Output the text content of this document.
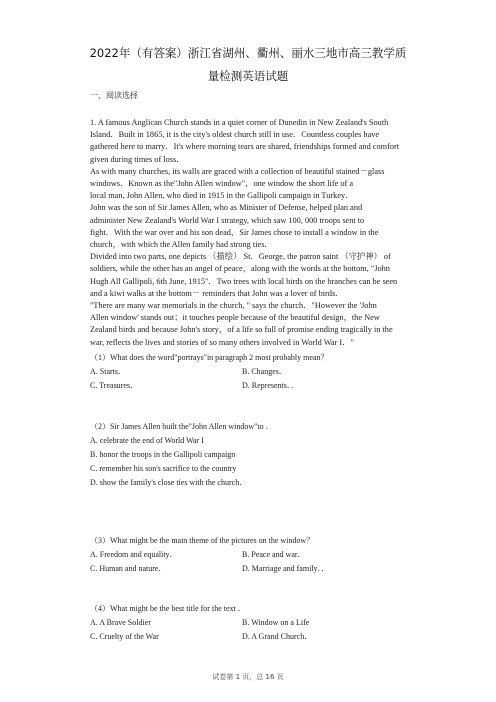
2022年（有答案）浙江省湖州、衢州、丽水三地市高三教学质
量检测英语试题
一、阅读选择

1. A famous Anglican Church stands in a quiet corner of Dunedin in New Zealand's South

Island．Built in 1865, it is the city's oldest church still in use．Countless couples have

gathered here to marry．It's where morning tears are shared, friendships formed and comfort

given during times of loss．

As with many churches, its walls are graced with a collection of beautiful stained－glass

windows．Known as the"John Allen window"，one window the short life of a

local man, John Allen, who died in 1915 in the Gallipoli campaign in Turkey．

John was the son of Sir James Allen, who as Minister of Defense, helped plan and

administer New Zealand's World War I strategy, which saw 100, 000 troops sent to

fight．With the war over and his son dead，Sir James chose to install a window in the

church，with which the Allen family had strong ties．

Divided into two parts, one depicts （描绘） St．George, the patron saint （守护神） of

soldiers, while the other has an angel of peace，along with the words at the bottom, "John

Hugh All Gallipoli, 6th June, 1915"．Two trees with local birds on the branches can be seen

and a kiwi walks at the bottom－ reminders that John was a lover of birds．

"There are many war memorials in the church, " says the church．"However the 'John

Allen window' stands out；it touches people because of the beautiful design，the New

Zealand birds and because John's story，of a life so full of promise ending tragically in the

war, reflects the lives and stories of so many others involved in World War I．"

（1）What does the word"portrays"in paragraph 2 most probably mean？
A. Starts．	B. Changes．
C. Treasures．	D. Represents．．
（2）Sir James Allen built the"John Allen window"to ．
A. celebrate the end of World War I
B. honor the troops in the Gallipoli campaign
C. remember his son's sacrifice to the country
D. show the family's close ties with the church．
（3）What might be the main theme of the pictures on the window？
A. Freedom and equality．	B. Peace and war．
C. Human and nature．	D. Marriage and family．．
（4）What might be the best title for the text ．
A. A Brave Soldier	B. Window on a Life
C. Cruelty of the War	D. A Grand Church．
试卷第 1 页，总 16 页
